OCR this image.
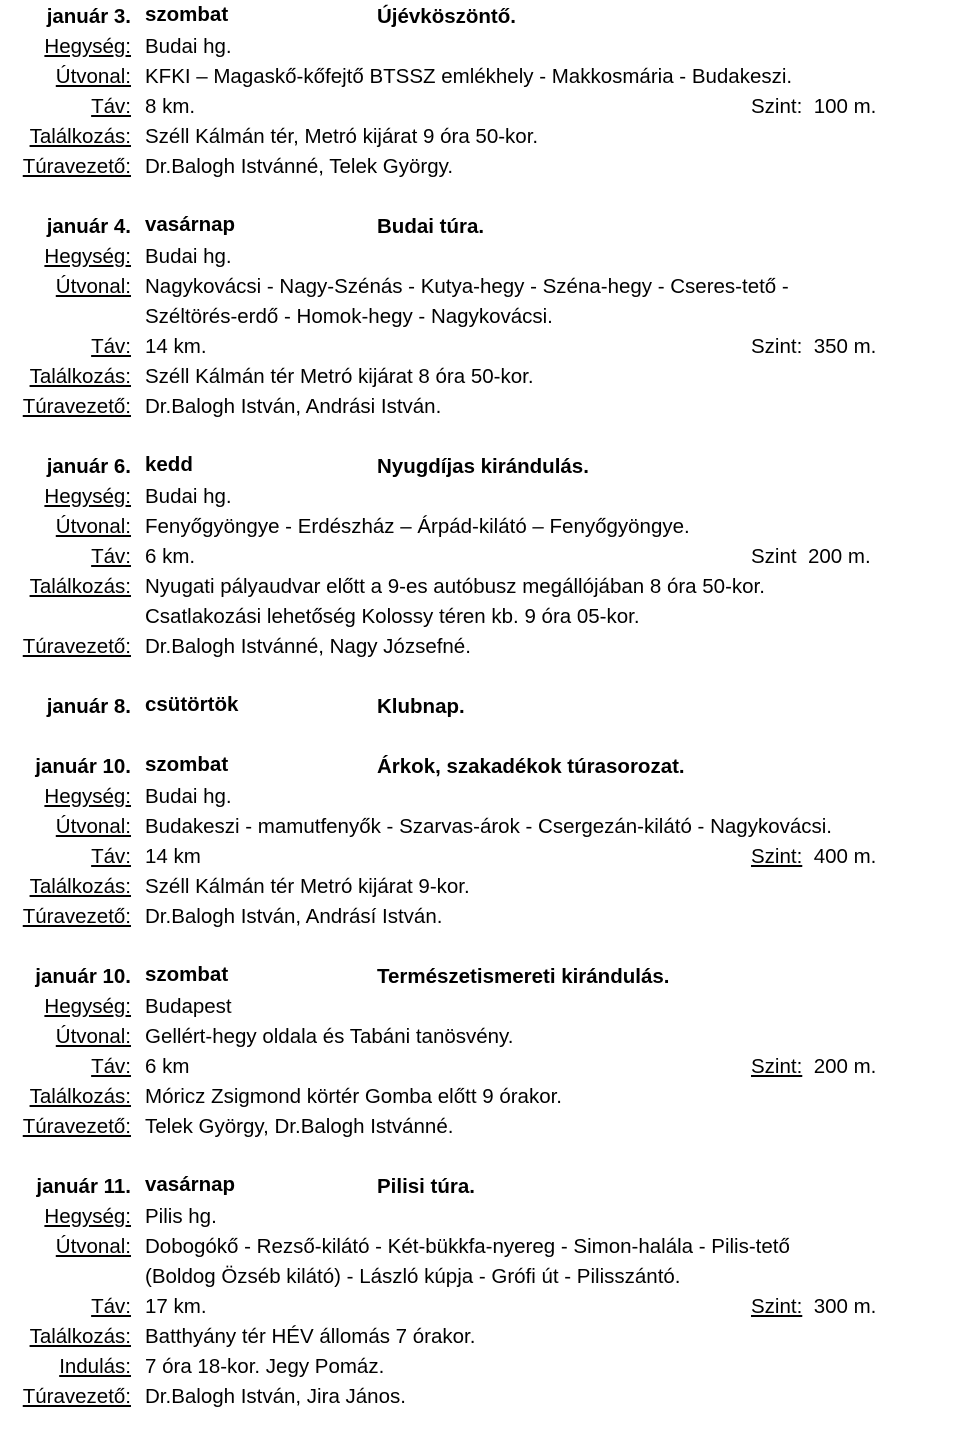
január 3. szombat	Újévköszöntő.
Hegység: Budai hg.
Útvonal: KFKI – Magaskő-kőfejtő BTSSZ emlékhely - Makkosmária - Budakeszi.
Táv: 8 km.	Szint: 100 m.
Találkozás: Széll Kálmán tér, Metró kijárat 9 óra 50-kor.
Túravezető: Dr.Balogh Istvánné, Telek György.
január 4. vasárnap	Budai túra.
Hegység: Budai hg.
Útvonal: Nagykovácsi - Nagy-Szénás - Kutya-hegy - Széna-hegy - Cseres-tető -
Széltörés-erdő - Homok-hegy - Nagykovácsi.
Táv: 14 km.	Szint: 350 m.
Találkozás: Széll Kálmán tér Metró kijárat 8 óra 50-kor.
Túravezető: Dr.Balogh István, Andrási István.
január 6. kedd	Nyugdíjas kirándulás.
Hegység: Budai hg.
Útvonal: Fenyőgyöngye - Erdészház – Árpád-kilátó – Fenyőgyöngye.
Táv: 6 km.	Szint 200 m.
Találkozás: Nyugati pályaudvar előtt a 9-es autóbusz megállójában 8 óra 50-kor.
Csatlakozási lehetőség Kolossy téren kb. 9 óra 05-kor.
Túravezető: Dr.Balogh Istvánné, Nagy Józsefné.
január 8. csütörtök	Klubnap.
január 10. szombat	Árkok, szakadékok túrasorozat.
Hegység: Budai hg.
Útvonal: Budakeszi - mamutfenyők - Szarvas-árok - Csergezán-kilátó - Nagykovácsi.
Táv: 14 km	Szint: 400 m.
Találkozás: Széll Kálmán tér Metró kijárat 9-kor.
Túravezető: Dr.Balogh István, Andrásí István.
január 10. szombat	Természetismereti kirándulás.
Hegység: Budapest
Útvonal: Gellért-hegy oldala és Tabáni tanösvény.
Táv: 6 km	Szint: 200 m.
Találkozás: Móricz Zsigmond körtér Gomba előtt 9 órakor.
Túravezető: Telek György, Dr.Balogh Istvánné.
január 11. vasárnap	Pilisi túra.
Hegység: Pilis hg.
Útvonal: Dobogókő - Rezső-kilátó - Két-bükkfa-nyereg - Simon-halála - Pilis-tető
(Boldog Özséb kilátó) - László kúpja - Grófi út - Pilisszántó.
Táv: 17 km.	Szint: 300 m.
Találkozás: Batthyány tér HÉV állomás 7 órakor.
Indulás: 7 óra 18-kor. Jegy Pomáz.
Túravezető: Dr.Balogh István, Jira János.
